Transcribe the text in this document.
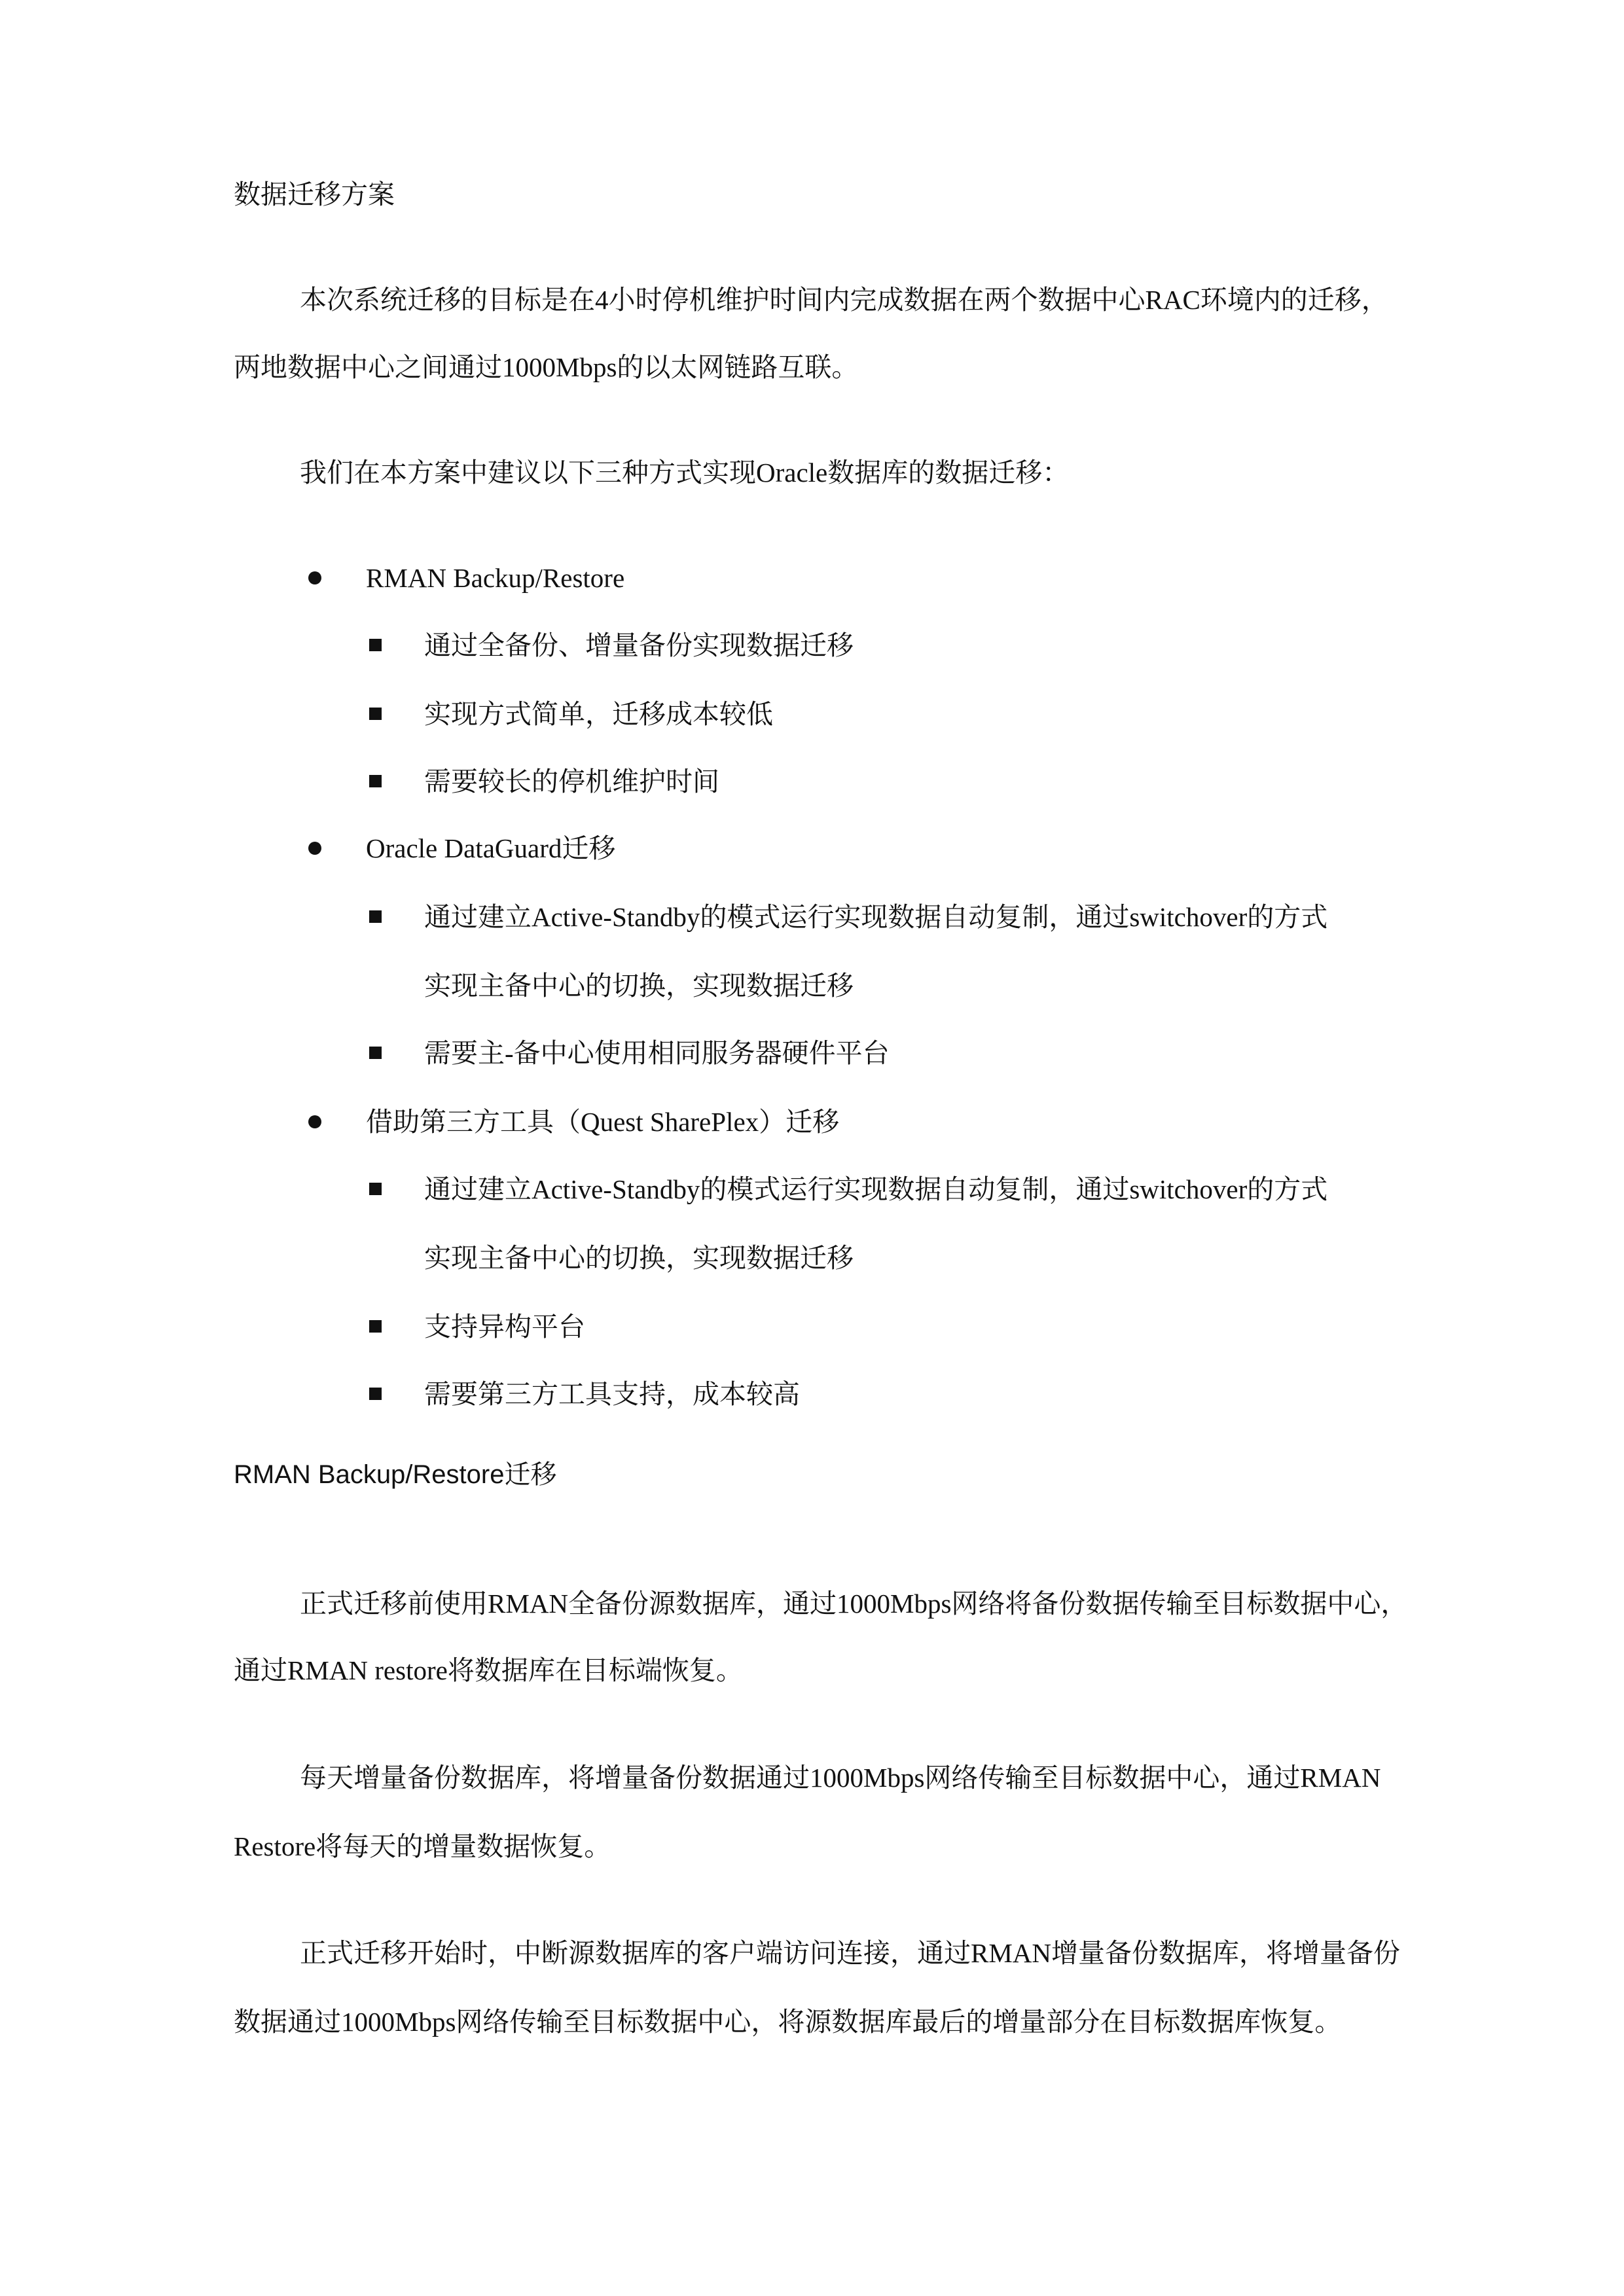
数据迁移方案
本次系统迁移的目标是在4小时停机维护时间内完成数据在两个数据中心RAC环境内的迁移，
两地数据中心之间通过1000Mbps的以太网链路互联。
我们在本方案中建议以下三种方式实现Oracle数据库的数据迁移：
RMAN Backup/Restore
通过全备份、增量备份实现数据迁移
实现方式简单，迁移成本较低
需要较长的停机维护时间
Oracle DataGuard迁移
通过建立Active-Standby的模式运行实现数据自动复制，通过switchover的方式
实现主备中心的切换，实现数据迁移
需要主-备中心使用相同服务器硬件平台
借助第三方工具（Quest SharePlex）迁移
通过建立Active-Standby的模式运行实现数据自动复制，通过switchover的方式
实现主备中心的切换，实现数据迁移
支持异构平台
需要第三方工具支持，成本较高
RMAN Backup/Restore迁移
正式迁移前使用RMAN全备份源数据库，通过1000Mbps网络将备份数据传输至目标数据中心，
通过RMAN restore将数据库在目标端恢复。
每天增量备份数据库，将增量备份数据通过1000Mbps网络传输至目标数据中心，通过RMAN
Restore将每天的增量数据恢复。
正式迁移开始时，中断源数据库的客户端访问连接，通过RMAN增量备份数据库，将增量备份
数据通过1000Mbps网络传输至目标数据中心，将源数据库最后的增量部分在目标数据库恢复。
